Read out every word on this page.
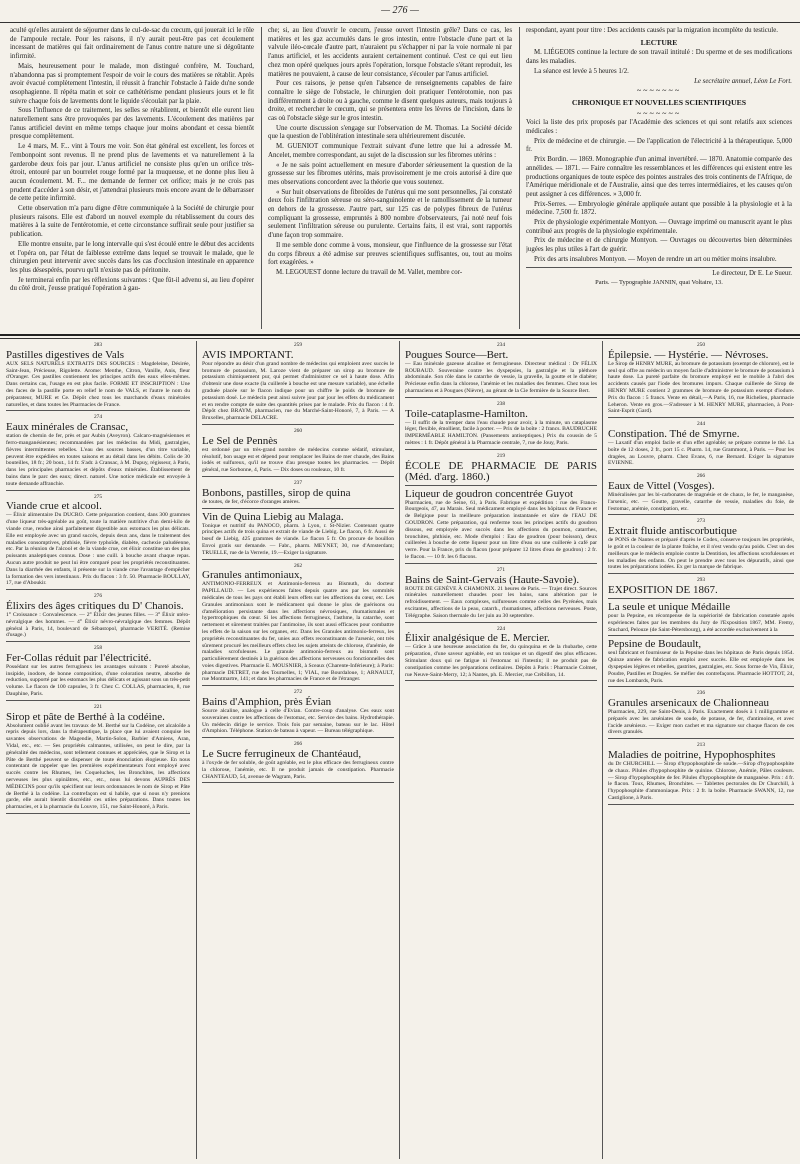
— 276 —

aculté qu'elles auraient de séjourner dans le cul-de-sac du cœcum, qui jouerait ici le rôle de l'ampoule rectale. Pour les raisons, il n'y aurait peut-être pas cet écoulement incessant de matières qui fait ordinairement de l'anus contre nature une si dégoûtante infirmité.

Mais, heureusement pour le malade, mon distingué confrère, M. Touchard, n'abandonna pas si promptement l'espoir de voir le cours des matières se rétablir. Après avoir évacué complètement l'intestin, il réussit à franchir l'obstacle à l'aide du'ne sonde œsophagienne. Il répéta matin et soir ce cathétérisme pendant plusieurs jours et le fit suivre chaque fois de lavements dont le liquide s'écoulait par la plaie.

Sous l'influence de ce traitement, les selles se rétablirent, et bientôt elle eurent lieu naturellement sans être provoquées par des lavements. L'écoulement des matières par l'anus artificiel devint en même temps chaque jour moins abondant et cessa bientôt presque complètement.

Le 4 mars, M. F... vint à Tours me voir. Son état général est excellent, les forces et l'embonpoint sont revenus. Il ne prend plus de lavements et va naturellement à la garderobe deux fois par jour. L'anus artificiel ne consiste plus qu'en un orifice très-étroit, entouré par un bourrelet rouge formé par la muqueuse, et ne donne plus lieu à aucun écoulement. M. F... me demande de fermer cet orifice; mais je ne crois pas prudent d'accéder à son désir, et j'attendrai plusieurs mois encore avant de le débarrasser de cette petite infirmité.

Cette observation m'a paru digne d'être communiquée à la Société de chirurgie pour plusieurs raisons. Elle est d'abord un nouvel exemple du rétablissement du cours des matières à la suite de l'entérotomie, et cette circonstance suffirait seule pour justifier sa publication.

Elle montre ensuite, par le long intervalle qui s'est écoulé entre le début des accidents et l'opéra on, par l'état de faiblesse extrême dans lequel se trouvait le malade, que le chirurgien peut intervenir avec succès dans les cas d'occlusion intestinale en apparence les plus désespérés, pourvu qu'il n'existe pas de péritonite.

Je terminerai enfin par les réflexions suivantes : Que fût-il advenu si, au lieu d'opérer du côté droit, j'eusse pratiqué l'opération à gau-

che; si, au lieu d'ouvrir le cœcum, j'eusse ouvert l'intestin grêle? Dans ce cas, les matières et les gaz accumulés dans le gros intestin, entre l'obstacle d'une part et la valvule iléo-cœcale d'autre part, n'auraient pu s'échapper ni par la voie normale ni par l'anus artificiel, et les accidents auraient certainement continué. C'est ce qui eut lieu chez mon opéré quelques jours après l'opération, lorsque l'obstacle s'étant reproduit, les matières ne pouvaient, à cause de leur consistance, s'écouler par l'anus artificiel.

Pour ces raisons, je pense qu'en l'absence de renseignements capables de faire connaître le siège de l'obstacle, le chirurgien doit pratiquer l'entérotomie, non pas indifféremment à droite ou à gauche, comme le disent quelques auteurs, mais toujours à droite, et rechercher le cœcum, qui se présentera entre les lèvres de l'incision, dans le cas où l'obstacle siège sur le gros intestin.

Une courte discussion s'engage sur l'observation de M. Thomas. La Société décide que la question de l'oblitération intestinale sera ultérieurement discutée.

M. GUENIOT communique l'extrait suivant d'une lettre que lui a adressée M. Ancelet, membre correspondant, au sujet de la discussion sur les fibromes utérins :

« Je ne sais point actuellement en mesure d'aborder sérieusement la question de la grossesse sur les fibromes utérins, mais provisoirement je me crois autorisé à dire que mes observations concordent avec la théorie que vous soutenez.

« Sur huit observations de fibroïdes de l'utérus qui me sont personnelles, j'ai constaté deux fois l'infiltration séreuse ou séro-sanguinolente et le ramollissement de la tumeur en dehors de la grossesse. J'autre part, sur 125 cas de polypes fibreux de l'utérus compliquant la grossesse, empruntés à 800 nombre d'observateurs, j'ai noté neuf fois seulement l'infiltration séreuse ou purulente. Certains faits, il est vrai, sont rapportés d'une façon trop sommaire.

Il me semble donc comme à vous, monsieur, que l'influence de la grossesse sur l'état du corps fibreux a été admise sur preuves scientifiques suffisantes, ou, tout au moins fort exagérées. »

M. LEGOUEST donne lecture du travail de M. Vallet, membre cor-

respondant, ayant pour titre : Des accidents causés par la migration incomplète du testicule.

LECTURE

M. LIÉGEOIS continue la lecture de son travail intitulé : Du sperme et de ses modifications dans les maladies.

La séance est levée à 5 heures 1/2.

Le secrétaire annuel, Léon Le Fort.

~~~~~~~
CHRONIQUE ET NOUVELLES SCIENTIFIQUES
~~~~~~~

Voici la liste des prix proposés par l'Académie des sciences et qui sont relatifs aux sciences médicales :

Prix de médecine et de chirurgie. — De l'application de l'électricité à la thérapeutique. 5,000 fr.

Prix Bordin. — 1869. Monographie d'un animal invertébré. — 1870. Anatomie comparée des annélides. — 1871. — Faire connaître les ressemblances et les différences qui existent entre les productions organiques de toute espèce des pointes australes des trois continents de l'Afrique, de l'Amérique méridionale et de l'Australie, ainsi que des terres intermédiaires, et les causes qu'on peut assigner à ces différences. » 3,000 fr.

Prix-Serres. — Embryologie générale appliquée autant que possible à la physiologie et à la médecine. 7,500 fr. 1872.

Prix de physiologie expérimentale Montyon. — Ouvrage imprimé ou manuscrit ayant le plus contribué aux progrès de la physiologie expérimentale.

Prix de médecine et de chirurgie Montyon. — Ouvrages ou découvertes bien déterminées jugées les plus utiles à l'art de guérir.

Prix des arts insalubres Montyon. — Moyen de rendre un art ou métier moins insalubre.

Le directeur, Dr E. Le Sueur.

Paris. — Typographie JANNIN, quai Voltaire, 13.
283
Pastilles digestives de Vals
AUX SELS NATURELS EXTRAITS DES SOURCES : Magdeleine, Désirée, Saint-Jean, Précieuse, Rigolette. Arome: Menthe, Citron, Vanille, Anis, fleur d'Oranger. Ces pastilles contiennent les principes actifs des eaux elles-mêmes. Dans certains cas, l'usage en est plus facile. FORME ET INSCRIPTION : Une des faces de la pastille porte en relief le nom de VALS, et l'autre le nom du préparateur, MURE et Ce. Dépôt chez tous les marchands d'eaux minérales naturelles, et dans toutes les Pharmacies de France.
274
Eaux minérales de Cransac,
station de chemin de fer, près et par Aubin (Aveyron). Calcaro-magnésiennes et ferro-manganésiennes; recommandées par les médecins du Midi, gastralgies, fièvres intermittentes rebelles. L'eau des sources basses, d'un titre variable, peuvent être expédiées en toutes saisons et au détail dans les débits. Colis de 30 bouteilles, 18 fr.; 20 bout., 14 fr. S'adr. à Cransac, à M. Dupuy, régisseur, à Paris, dans les principales pharmacies et dépôts d'eaux minérales. Établissement de bains dans le parc des eaux; direct. naturel. Une notice médicale est envoyée à toute demande affranchie.
275
Viande crue et alcool.
— Élixir alimentaire Du DUCRO. Cette préparation contient, dans 300 grammes d'une liqueur très-agréable au goût, toute la matière nutritive d'un demi-kilo de viande crue, rendue ainsi parfaitement digestible aux estomacs les plus délicats. Elle est employée avec un grand succès, depuis deux ans, dans le traitement des maladies consomptives, phthisie, fièvre typhoïde, diabète, cachexie paludéenne, etc. Par la réunion de l'alcool et de la viande crue, cet élixir constitue un des plus puissants analeptiques connus. Dose : une cuill. à bouche avant chaque repas. Aucun autre produit ne peut lui être comparé pour les propriétés reconstituantes. Dans la diarrhée des enfants, il présente sur la viande crue l'avantage d'empêcher la formation des vers intestinaux. Prix du flacon : 3 fr. 50. Pharmacie BOULLAY, 17, rue d'Aboukir.
276
Élixirs des âges critiques du D' Chanois.
1° Croissance : Convalescence. — 2° Élixir des jeunes filles. — 3° Élixir utéro-névralgique des hommes. — 4° Élixir névro-névralgique des femmes. Dépôt général à Paris, 14, boulevard de Sébastopol, pharmacie VERITÉ. (Remise d'usage.)
258
Fer-Collas réduit par l'électricité.
Possédant sur les autres ferrugineux les avantages suivants : Pureté absolue, insipide, inodore, de bonne composition, d'une coloration neutre, absorbe de reduction, supporté par les estomacs les plus délicats et agissant sous un très-petit volume. Le flacon de 100 capsules, 3 fr. Chez C. COLLAS, pharmacien, 8, rue Dauphine, Paris.
221
Sirop et pâte de Berthé à la codéine.
Absolument oublié avant les travaux de M. Berthé sur la Codéine, cet alcaloïde a repris depuis lors, dans la thérapeutique, la place que lui avaient conquise les savantes observations de Magendie, Martin-Solon, Barbier d'Amiens, Aran, Vidal, etc., etc. — Ses propriétés calmantes, utilisées, on peut le dire, par la généralité des médecins, sont tellement connues et appréciées, que le Sirop et la Pâte de Berthé peuvent se dispenser de toute énonciation élogieuse. En nous contentant de rappeler que les premières expérimentateurs l'ont employé avec succès contre les Rhumes, les Coqueluches, les Bronchites, les affections nerveuses les plus opiniâtres, etc., etc., nous lui devons AUPRÈS DES MÉDECINS pour qu'ils spécifient sur leurs ordonnances le nom de Sirop et Pâte de Berthé à la codéine. La contrefaçon est si habile, que si nous n'y prenions garde, elle aurait bientôt discrédité ces utiles préparations. Dans toutes les pharmacies, et à la pharmacie du Louvre, 151, rue Saint-Honoré, à Paris.
259
AVIS IMPORTANT.
Pour répondre au désir d'un grand nombre de médecins qui emploient avec succès le bromure de potassium, M. Laroze vient de préparer un sirop au bromure de potassium chimiquement pur, qui permet d'administrer ce sel à haute dose. Afin d'obtenir une dose exacte (la cuillerée à bouche est une mesure variable), une échelle graduée placée sur le flacon indique pour un chiffre le poids de bromure de potassium dosé. Le médecin peut ainsi suivre jour par jour les effets du médicament et en rendre compte de suite des quantités prises par le malade. Prix du flacon : 4 fr. Dépôt chez BRAYM, pharmacien, rue du Marché-Saint-Honoré, 7, à Paris. — A Bruxelles, pharmacie DELACRE.
260
Le Sel de Pennès
est ordonné par un très-grand nombre de médecins comme sédatif, stimulant, résolutif, bon usage est et dépend pour remplacer les Bains de mer chaude, des Bains iodés et sulfureux, qu'il ne trouve d'au presque toutes les pharmacies. — Dépôt général, rue Sorbonne, 4, Paris. — Dix doses ou rouleaux, 10 fr.
237
Bonbons, pastilles, sirop de quina
de toutes, de fer, d'écorce d'oranges amères.
Vin de Quina Liebig au Malaga.
Tonique et nutritif du PANOCO, pharm. à Lyon, r. St-Nizier. Contenant quatre principes actifs de trois quina et extrait de viande de Liebig. Le flacon, 6 fr. Aussi de bœuf de Liebig, 425 grammes de viande. Le flacon 5 fr. On procure de bouillon Envoi gratis sur demande. — Fabr., pharm. MEYNET, 30, rue d'Amsterdam; TRUELLE, rue de la Verrerie, 19.—Exiger la signature.
262
Granules antimoniaux,
ANTIMONIO-FERREUX et Antimonio-ferreux au Bismuth, du docteur PAPILLAUD. — Les expériences faites depuis quatre ans par les sommités médicales de tous les pays ont établi leurs effets sur les affections du cœur, etc. Les Granules antimoniaux sont le médicament qui donne le plus de guérisons ou d'amélioration persistante dans les affections névrosiques, rhumatismales et hypertrophiques du cœur. Si les affections ferrugineux, l'asthme, la catarrhe, sont nettement et sûrement traitées par l'antimoine, ils sont aussi efficaces pour combattre les effets de la saison sur les organes, etc. Dans les Granules antimonio-ferreux, les propriétés reconstituantes du fer, unies aux effets reconstituants de l'arsenic, ont très sûrement procuré les meilleurs effets chez les sujets atteints de chlorose, d'anémie, de maladies scrofuleuses. Le granule antimonio-ferreux au bismuth sont particulièrement destinés à la guérison des affections nerveuses ou fonctionnelles des voies digestives. Pharmacie E. MOUSNIER, à Sceaux (Charente-Inférieure); à Paris: pharmacie DETRET, rue des Tournelles, 1; VIAL, rue Bourdaloue, 1; ARNAULT, rue Montmartre, 141; et dans les pharmacies de France et de l'étranger.
272
Bains d'Amphion, près Évian
Source alcaline, analogue à celle d'Evian. Contre-coup d'analyse. Ces eaux sont souveraines contre les affections de l'estomac, etc. Service des bains. Hydrothérapie. Un médecin dirige le service. Trois fois par semaine, bateau sur le lac. Hôtel d'Amphion. Téléphone. Station de bateau à vapeur. — Bureau télégraphique.
266
Le Sucre ferrugineux de Chantéaud,
à l'oxyde de fer soluble, de goût agréable, est le plus efficace des ferrugineux contre la chlorose, l'anémie, etc. Il ne produit jamais de constipation. Pharmacie CHANTEAUD, 54, avenue de Wagram, Paris.
234
Pougues Source—Bert.
— Eau minérale gazeuse alcaline et ferrugineuse. Directeur médical : Dr FÉLIX ROUBAUD. Souveraine contre les dyspepsies, la gastralgie et la pléthore abdominale. Son rôle dans le catarrhe de vessie, la gravelle, la goutte et le diabète; Précieuse enfin dans la chlorose, l'anémie et les maladies des femmes. Chez tous les pharmaciens et à Pougues (Nièvre), au gérant de la Cie fermière de la Source Bert.
238
Toile-cataplasme-Hamilton.
— Il suffit de la tremper dans l'eau chaude pour avoir, à la minute, un cataplasme léger, flexible, émollient, facile à porter. — Prix de la boîte : 2 francs. BAUDRUCHE IMPERMÉABLE HAMILTON. (Pansements antiseptiques.) Prix du coussin de 5 mètres : 1 fr. Dépôt général à la Pharmacie centrale, 7, rue de Jouy, Paris.
219
ÉCOLE DE PHARMACIE DE PARIS (Méd. d'arg. 1860.)
Liqueur de goudron concentrée Guyot
Pharmacien, rue de Seine, 61, à Paris. Fabrique et expédition : rue des Francs-Bourgeois, 47, au Marais. Seul médicament employé dans les hôpitaux de France et de Belgique pour la meilleure préparation instantanée et sûre de l'EAU DE GOUDRON. Cette préparation, qui renferme tous les principes actifs du goudron dissous, est employée avec succès dans les affections du poumon, catarrhes, bronchites, phthisie, etc. Mode d'emploi : Eau de goudron (pour boisson), deux cuillerées à bouche de cette liqueur pour un litre d'eau ou une cuillerée à café par verre. Pour la France, prix du flacon (pour préparer 12 litres d'eau de goudron) : 2 fr. le flacon. — 10 fr. les 6 flacons.
271
Bains de Saint-Gervais (Haute-Savoie).
ROUTE DE GENÈVE À CHAMONIX. 21 heures de Paris. — Trajet direct. Sources minérales naturellement chaudes pour les bains, sans altération par le refroidissement. — Eaux complexes, sulfureuses comme celles des Pyrénées, mais excitantes, affections de la peau, catarrh., rhumatismes, affections nerveuses. Poste, Télégraphe. Saison thermale du 1er juin au 30 septembre.
224
Élixir analgésique de E. Mercier.
— Grâce à une heureuse association du fer, du quinquina et de la rhubarbe, cette préparation, d'une saveur agréable, est un tonique et un digestif des plus efficaces. Stimulant doux qui ne fatigue ni l'estomac ni l'intestin; il ne produit pas de constipation comme les préparations ordinaires. Dépôts à Paris : Pharmacie Colmet, rue Neuve-Saint-Merry, 12; à Nantes, ph. E. Mercier, rue Crébillon, 14.
250
Épilepsie. — Hystérie. — Névroses.
Le Sirop de HENRY MURE, au bromure de potassium (exempt de chlorure), est le seul qui offre au médecin un moyen facile d'administrer le bromure de potassium à haute dose. La pureté parfaite du bromure employé est le mobile à l'abri des accidents causés par l'iode des bromures impurs. Chaque cuillerée de Sirop de HENRY MURE contient 2 grammes de bromure de potassium exempt d'iodure. Prix du flacon : 5 francs. Vente en détail,—A Paris, 16, rue Richelieu, pharmacie Leheron. Vente en gros.—S'adresser à M. HENRY MURE, pharmacien, à Pont-Saint-Esprit (Gard).
244
Constipation. Thé de Smyrne.
— Laxatif d'un emploi facile et d'un effet agréable; se prépare comme le thé. La boîte de 12 doses, 2 fr., port 15 c. Pharm. 14, rue Grammont, à Paris. — Pour les dragées, au Louvre, pharm. Chez Evans, 6, rue Bernard. Exiger la signature EVIENNE.
266
Eaux de Vittel (Vosges).
Minéralisées par les bi-carbonates de magnésie et de chaux, le fer, le manganèse, l'arsenic, etc. — Goutte, gravelle, catarrhe de vessie, maladies du foie, de l'estomac, anémie, constipation, etc.
273
Extrait fluide antiscorbutique
de PONS de Nantes et préparé d'après le Codex, conserve toujours les propriétés, le goût et la couleur de la plante fraîche, et il n'est vendu qu'au poids. C'est un des meilleurs que le médecin emploie contre la Dentition, les affections scrofuleuses et les maladies des enfants. On peut le prendre avec tous les dépuratifs, ainsi que toutes les préparations iodées. Ex ger la marque de fabrique.
293
EXPOSITION DE 1867.
La seule et unique Médaille
pour la Pepsine, en récompense de la supériorité de fabrication constatée après expériences faites par les membres du Jury de l'Exposition 1867, MM. Fremy, Stuchard, Pelouze (de Saint-Pétersbourg), a été accordée exclusivement à la
Pepsine de Boudault,
seul fabricant et fournisseur de la Pepsine dans les hôpitaux de Paris depuis 1854. Quinze années de fabrication emploi avec succès. Elle est employée dans les dyspepsies légères et rebelles, gastrites, gastralgies, etc. Sous forme de Vin, Élixir, Poudre, Pastilles et Dragées. Se méfier des contrefaçons. Pharmacie HOTTOT, 24, rue des Lombards, Paris.
236
Granules arsenicaux de Chalionneau
Pharmacien, 229, rue Saint-Denis, à Paris. Exactement dosés à 1 milligramme et préparés avec les arséniates de soude, de potasse, de fer, d'antimoine, et avec l'acide arsénieux. — Exiger mon cachet et ma signature sur chaque flacon de ces divers granulés.
213
Maladies de poitrine, Hypophosphites
du Dr CHURCHILL — Sirop d'hypophosphite de soude.—Sirop d'hypophosphite de chaux. Pilules d'hypophosphite de quinine. Chlorose, Anémie, Pâles couleurs. — Sirop d'hypophosphite de fer. Pilules d'hypophosphite de manganèse. Prix : 4 fr. le flacon. Toux, Rhumes, Bronchites. — Tablettes pectorales du Dr Churchill, à l'hypophosphite d'ammoniaque. Prix : 2 fr. la boîte. Pharmacie SWANN, 12, rue Castiglione, à Paris.
